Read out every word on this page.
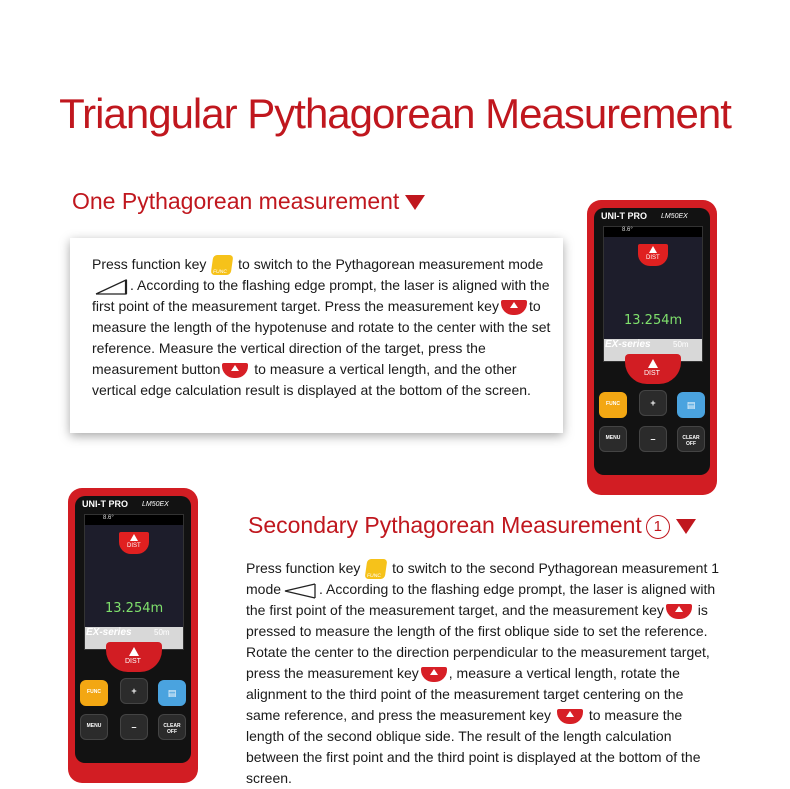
Triangular Pythagorean Measurement
One Pythagorean measurement
Press function key FUNC to switch to the Pythagorean measurement mode. According to the flashing edge prompt, the laser is aligned with the first point of the measurement target. Press the measurement key to measure the length of the hypotenuse and rotate to the center with the set reference. Measure the vertical direction of the target, press the measurement button to measure a vertical length, and the other vertical edge calculation result is displayed at the bottom of the screen.
Secondary Pythagorean Measurement 1
Press function key FUNC to switch to the second Pythagorean measurement 1 mode	. According to the flashing edge prompt, the laser is aligned with the first point of the measurement target, and the measurement key is pressed to measure the length of the first oblique side to set the reference. Rotate the center to the direction perpendicular to the measurement target, press the measurement key , measure a vertical length, rotate the alignment to the third point of the measurement target centering on the same reference, and press the measurement key  to measure the length of the second oblique side. The result of the length calculation between the first point and the third point is displayed at the bottom of the screen.
UNI-T PRO LM50EX
8.6°
DIST
13.254m
EX-series	50m
DIST
FUNC	+	▤
MENU	–	CLEAR OFF
UNI-T PRO LM50EX
8.6°
DIST
13.254m
EX-series	50m
DIST
FUNC	+	▤
MENU	–	CLEAR OFF
